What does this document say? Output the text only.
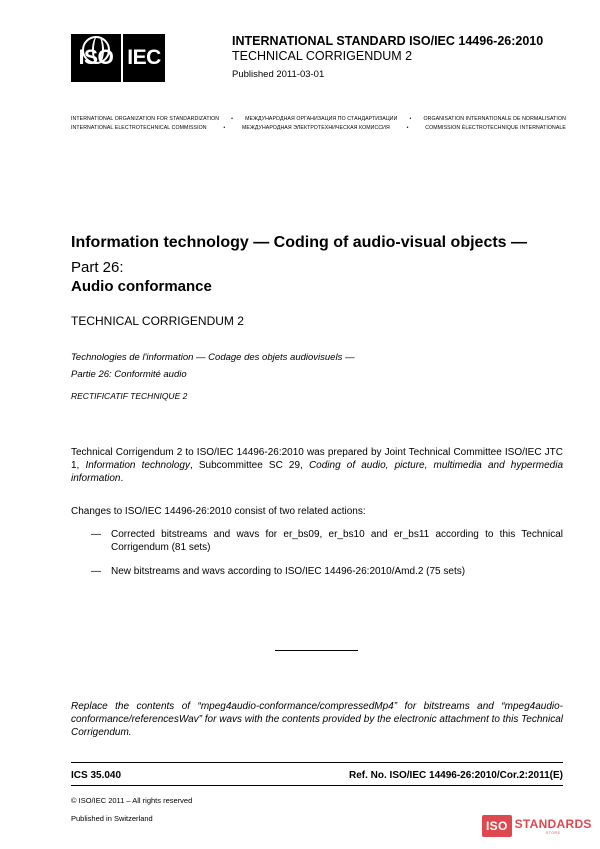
ISO IEC
INTERNATIONAL STANDARD ISO/IEC 14496-26:2010
TECHNICAL CORRIGENDUM 2
Published 2011-03-01
INTERNATIONAL ORGANIZATION FOR STANDARDIZATION • МЕЖДУНАРОДНАЯ ОРГАНИЗАЦИЯ ПО СТАНДАРТИЗАЦИИ • ORGANISATION INTERNATIONALE DE NORMALISATION
INTERNATIONAL ELECTROTECHNICAL COMMISSION	•	МЕЖДУНАРОДНАЯ ЭЛЕКТРОТЕХНИЧЕСКАЯ КОМИССИЯ	•	COMMISSION ÉLECTROTECHNIQUE INTERNATIONALE
Information technology — Coding of audio-visual objects —
Part 26:
Audio conformance
TECHNICAL CORRIGENDUM 2
Technologies de l'information — Codage des objets audiovisuels —
Partie 26: Conformité audio
RECTIFICATIF TECHNIQUE 2
Technical Corrigendum 2 to ISO/IEC 14496-26:2010 was prepared by Joint Technical Committee ISO/IEC JTC 1, Information technology, Subcommittee SC 29, Coding of audio, picture, multimedia and hypermedia information.
Changes to ISO/IEC 14496-26:2010 consist of two related actions:
—	Corrected bitstreams and wavs for er_bs09, er_bs10 and er_bs11 according to this Technical Corrigendum (81 sets)
—	New bitstreams and wavs according to ISO/IEC 14496-26:2010/Amd.2 (75 sets)
Replace the contents of “mpeg4audio-conformance/compressedMp4” for bitstreams and “mpeg4audio-conformance/referencesWav” for wavs with the contents provided by the electronic attachment to this Technical Corrigendum.
ICS 35.040	Ref. No. ISO/IEC 14496-26:2010/Cor.2:2011(E)
© ISO/IEC 2011 – All rights reserved
Published in Switzerland
ISO STANDARDS
STORE
